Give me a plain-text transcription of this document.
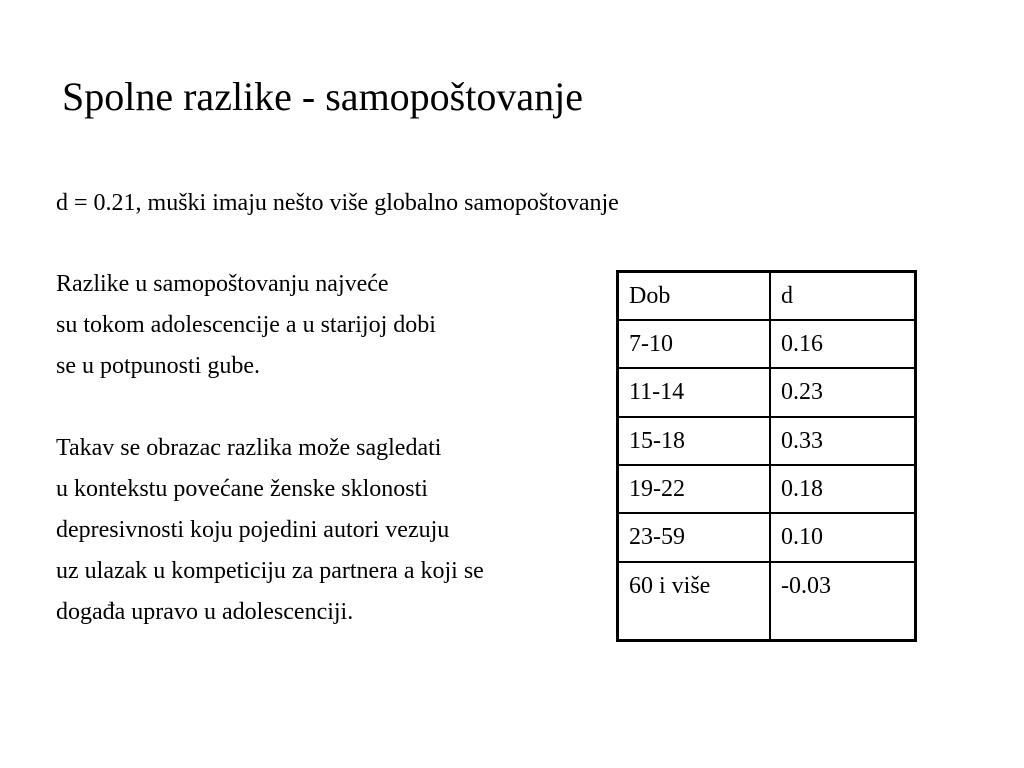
Spolne razlike - samopoštovanje

d = 0.21, muški imaju nešto više globalno samopoštovanje

Razlike u samopoštovanju najveće
su tokom adolescencije a u starijoj dobi
se u potpunosti gube.

Takav se obrazac razlika može sagledati
u kontekstu povećane ženske sklonosti
depresivnosti koju pojedini autori vezuju
uz ulazak u kompeticiju za partnera a koji se
događa upravo u adolescenciji.

Dob	d
7-10	0.16
11-14	0.23
15-18	0.33
19-22	0.18
23-59	0.10
60 i više	-0.03
